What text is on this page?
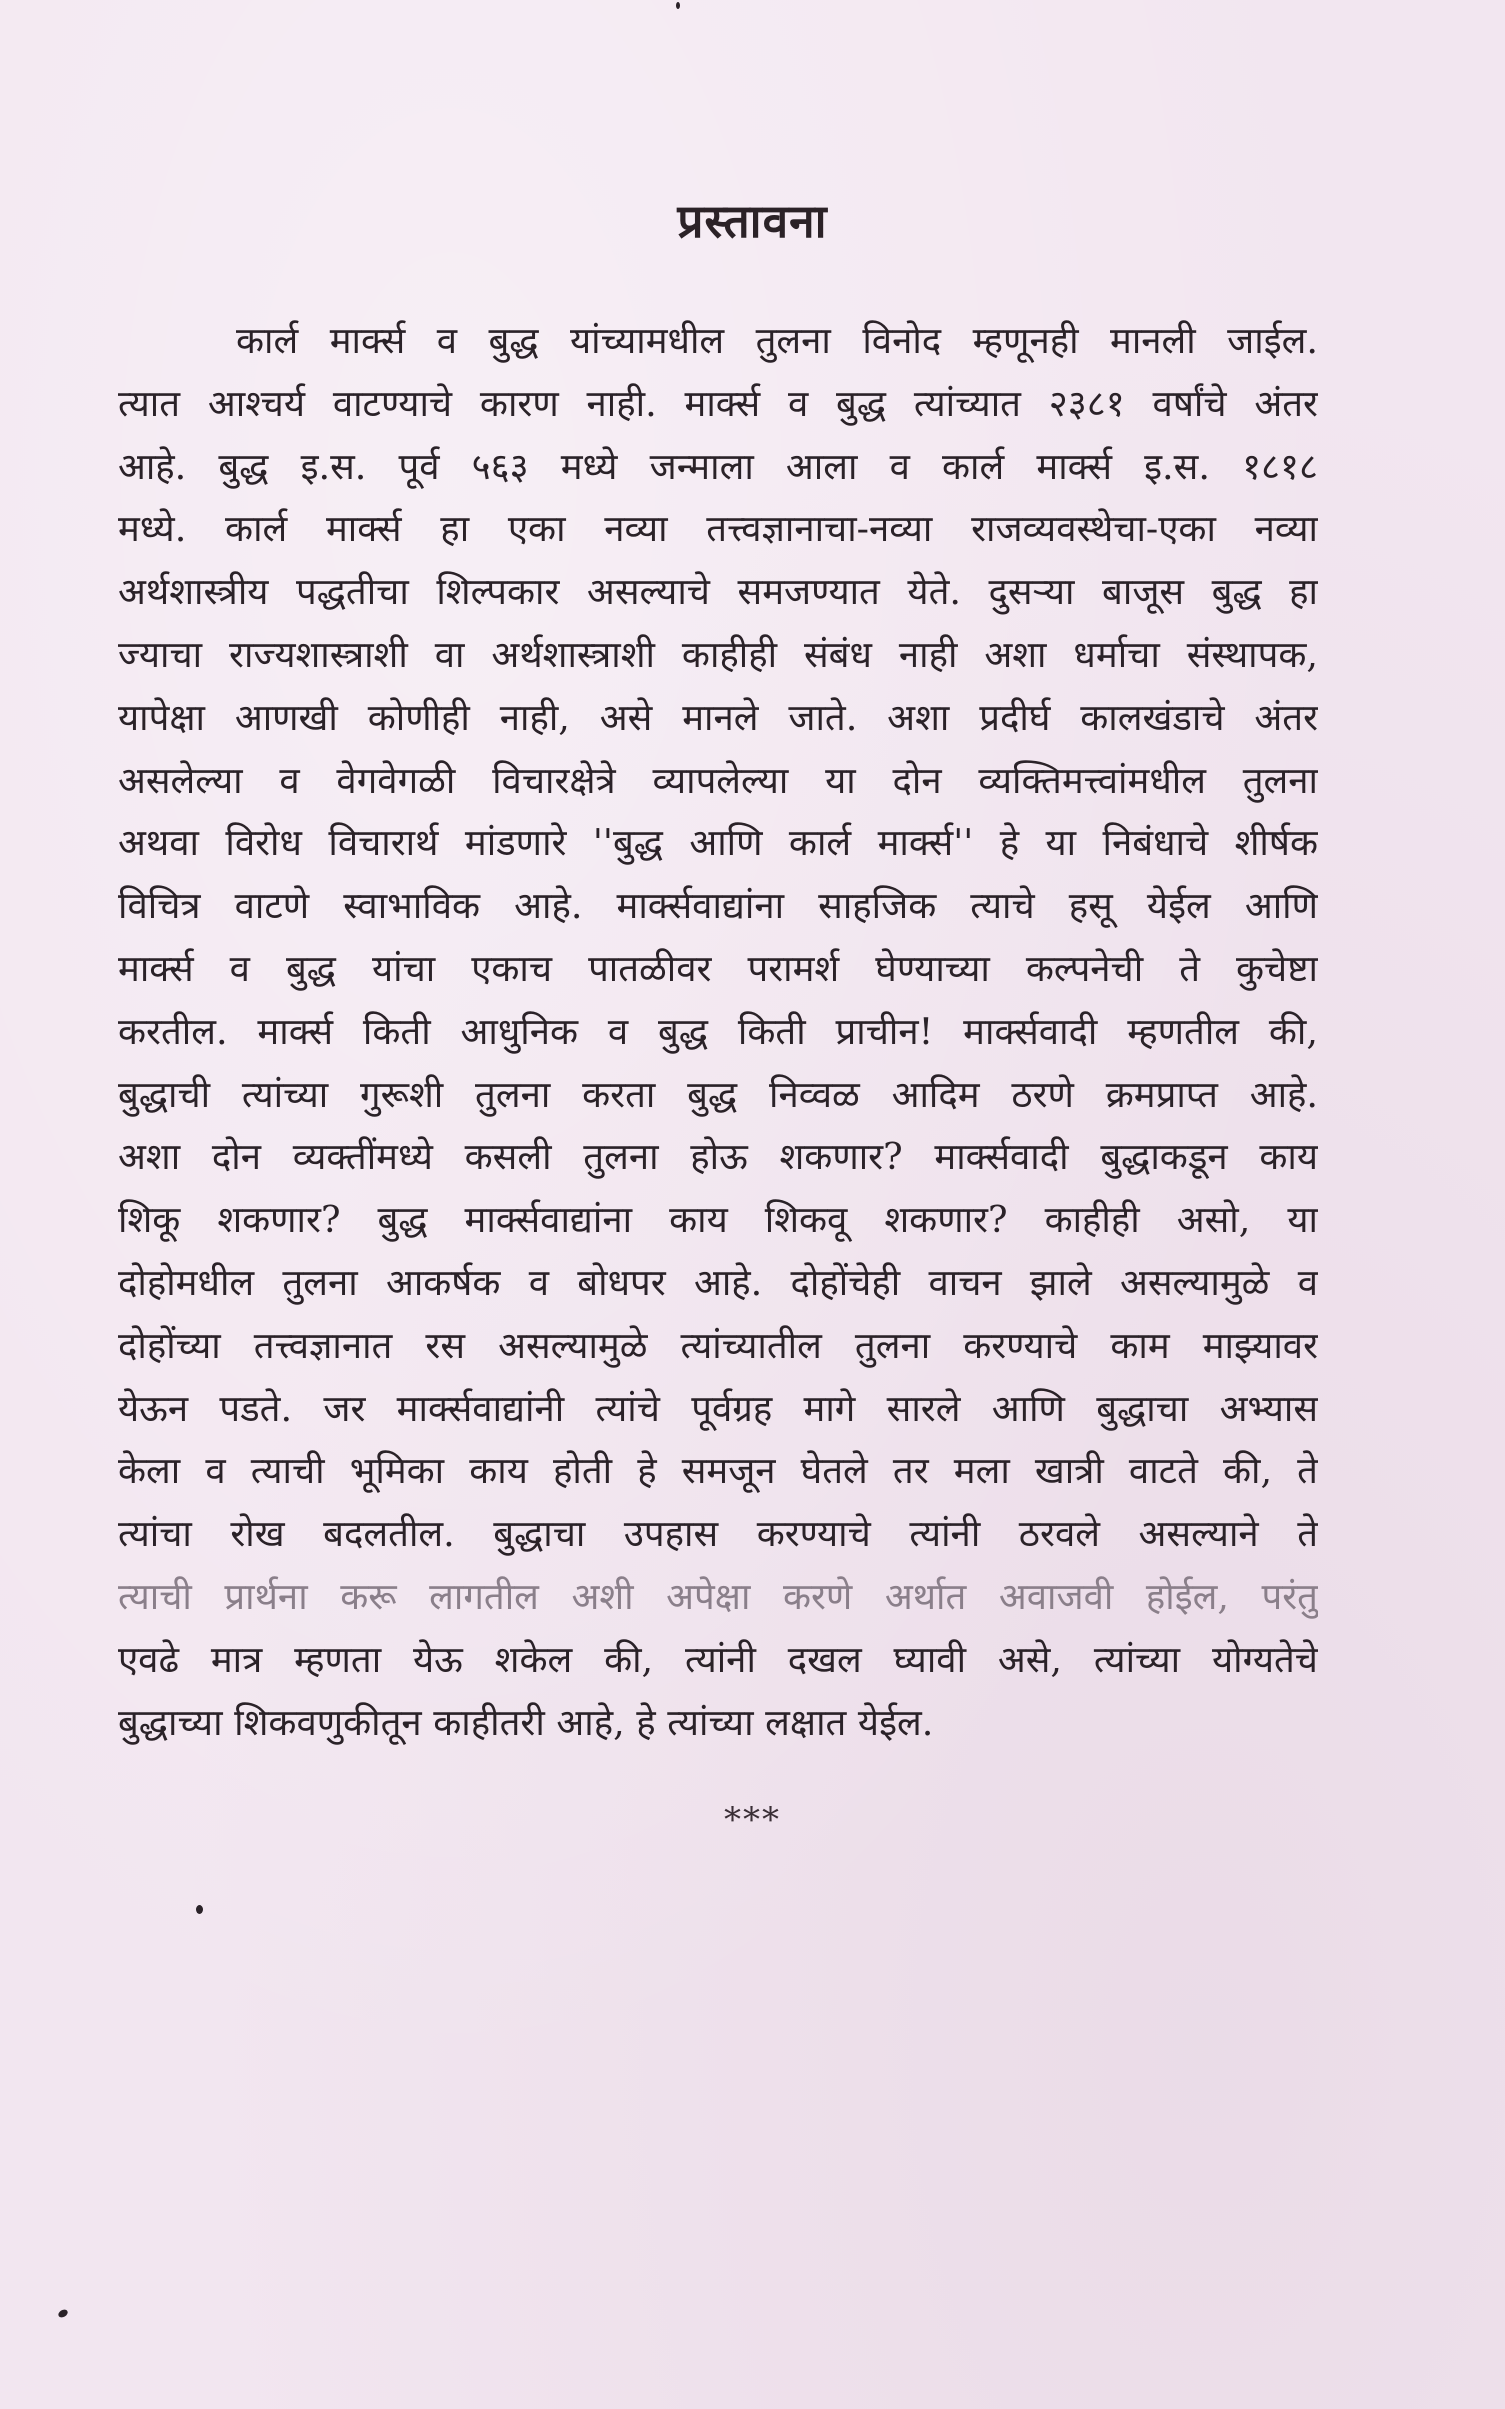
प्रस्तावना
कार्ल मार्क्स व बुद्ध यांच्यामधील तुलना विनोद म्हणूनही मानली जाईल.
त्यात आश्चर्य वाटण्याचे कारण नाही. मार्क्स व बुद्ध त्यांच्यात २३८१ वर्षांचे अंतर
आहे. बुद्ध इ.स. पूर्व ५६३ मध्ये जन्माला आला व कार्ल मार्क्स इ.स. १८१८
मध्ये. कार्ल मार्क्स हा एका नव्या तत्त्वज्ञानाचा-नव्या राजव्यवस्थेचा-एका नव्या
अर्थशास्त्रीय पद्धतीचा शिल्पकार असल्याचे समजण्यात येते. दुसऱ्या बाजूस बुद्ध हा
ज्याचा राज्यशास्त्राशी वा अर्थशास्त्राशी काहीही संबंध नाही अशा धर्माचा संस्थापक,
यापेक्षा आणखी कोणीही नाही, असे मानले जाते. अशा प्रदीर्घ कालखंडाचे अंतर
असलेल्या व वेगवेगळी विचारक्षेत्रे व्यापलेल्या या दोन व्यक्तिमत्त्वांमधील तुलना
अथवा विरोध विचारार्थ मांडणारे ''बुद्ध आणि कार्ल मार्क्स'' हे या निबंधाचे शीर्षक
विचित्र वाटणे स्वाभाविक आहे. मार्क्सवाद्यांना साहजिक त्याचे हसू येईल आणि
मार्क्स व बुद्ध यांचा एकाच पातळीवर परामर्श घेण्याच्या कल्पनेची ते कुचेष्टा
करतील. मार्क्स किती आधुनिक व बुद्ध किती प्राचीन! मार्क्सवादी म्हणतील की,
बुद्धाची त्यांच्या गुरूशी तुलना करता बुद्ध निव्वळ आदिम ठरणे क्रमप्राप्त आहे.
अशा दोन व्यक्तींमध्ये कसली तुलना होऊ शकणार? मार्क्सवादी बुद्धाकडून काय
शिकू शकणार? बुद्ध मार्क्सवाद्यांना काय शिकवू शकणार? काहीही असो, या
दोहोमधील तुलना आकर्षक व बोधपर आहे. दोहोंचेही वाचन झाले असल्यामुळे व
दोहोंच्या तत्त्वज्ञानात रस असल्यामुळे त्यांच्यातील तुलना करण्याचे काम माझ्यावर
येऊन पडते. जर मार्क्सवाद्यांनी त्यांचे पूर्वग्रह मागे सारले आणि बुद्धाचा अभ्यास
केला व त्याची भूमिका काय होती हे समजून घेतले तर मला खात्री वाटते की, ते
त्यांचा रोख बदलतील. बुद्धाचा उपहास करण्याचे त्यांनी ठरवले असल्याने ते
त्याची प्रार्थना करू लागतील अशी अपेक्षा करणे अर्थात अवाजवी होईल, परंतु
एवढे मात्र म्हणता येऊ शकेल की, त्यांनी दखल घ्यावी असे, त्यांच्या योग्यतेचे
बुद्धाच्या शिकवणुकीतून काहीतरी आहे, हे त्यांच्या लक्षात येईल.
***
